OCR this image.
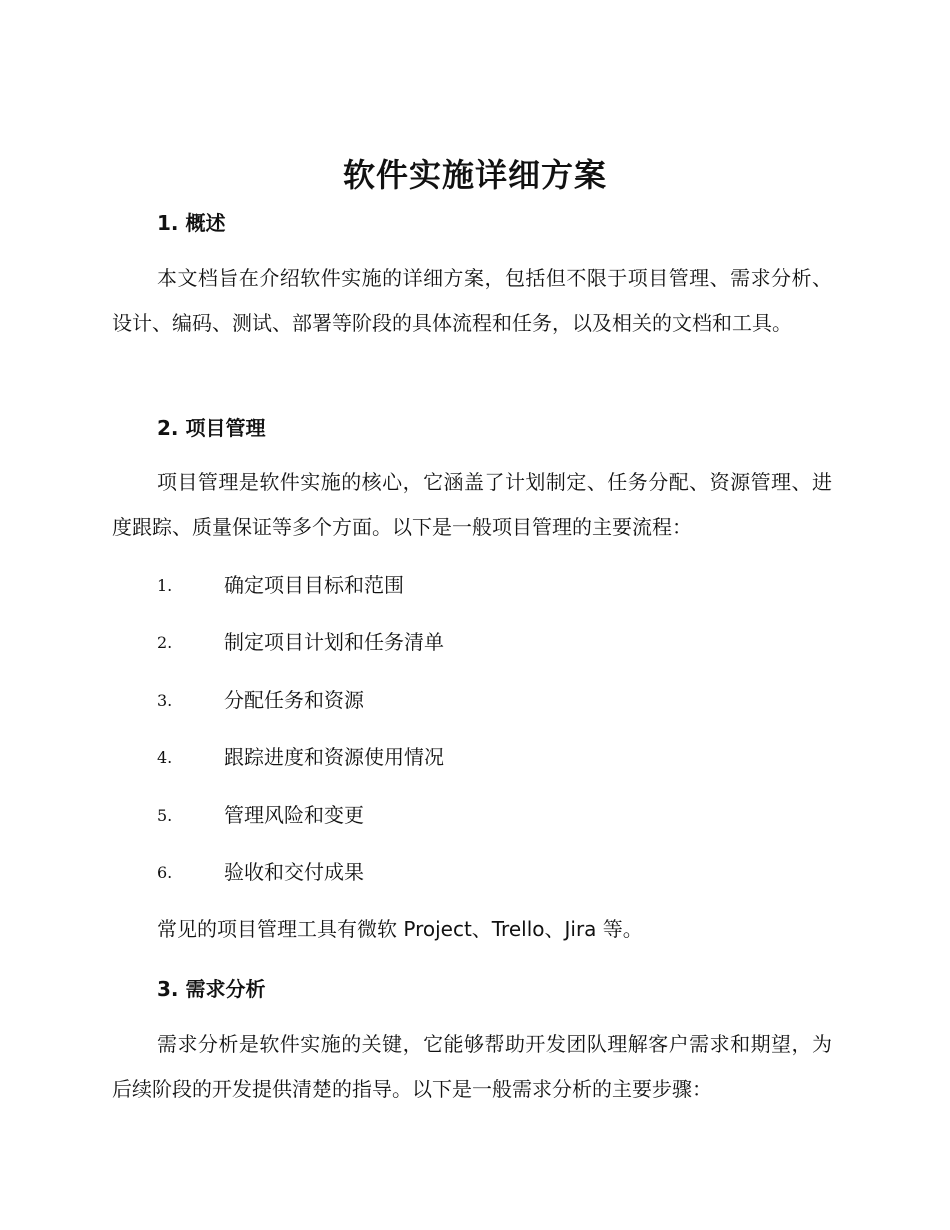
软件实施详细方案
1. 概述

本文档旨在介绍软件实施的详细方案，包括但不限于项目管理、需求分析、设计、编码、测试、部署等阶段的具体流程和任务，以及相关的文档和工具。

2. 项目管理

项目管理是软件实施的核心，它涵盖了计划制定、任务分配、资源管理、进度跟踪、质量保证等多个方面。以下是一般项目管理的主要流程：

1.	确定项目目标和范围
2.	制定项目计划和任务清单
3.	分配任务和资源
4.	跟踪进度和资源使用情况
5.	管理风险和变更
6.	验收和交付成果

常见的项目管理工具有微软 Project、Trello、Jira 等。

3. 需求分析

需求分析是软件实施的关键，它能够帮助开发团队理解客户需求和期望，为后续阶段的开发提供清楚的指导。以下是一般需求分析的主要步骤：
